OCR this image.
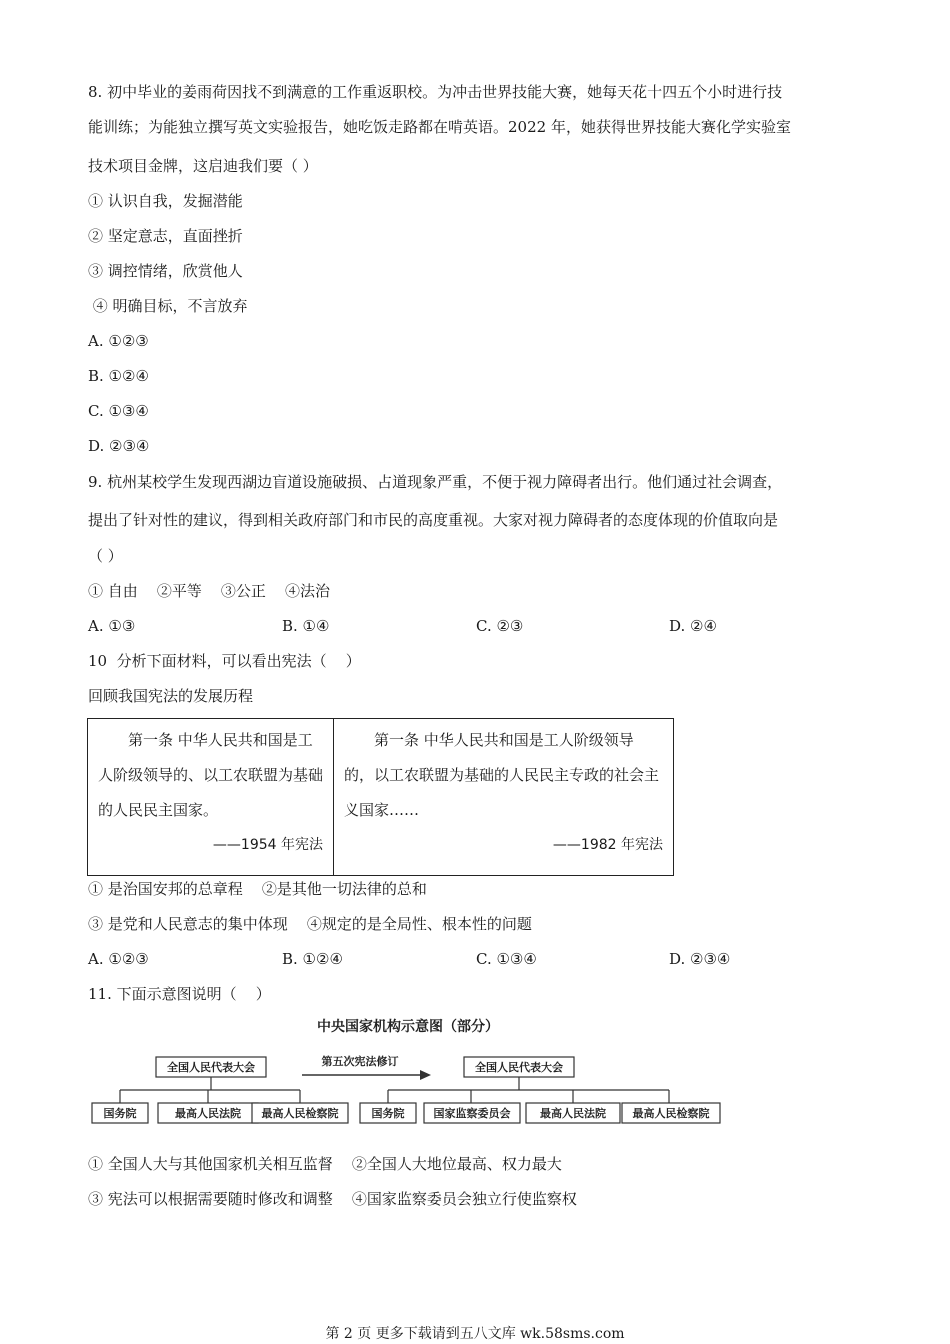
8. 初中毕业的姜雨荷因找不到满意的工作重返职校。为冲击世界技能大赛，她每天花十四五个小时进行技
能训练；为能独立撰写英文实验报告，她吃饭走路都在啃英语。2022 年，她获得世界技能大赛化学实验室
技术项目金牌，这启迪我们要（ ）
① 认识自我，发掘潜能
② 坚定意志，直面挫折
③ 调控情绪，欣赏他人
④ 明确目标，不言放弃
A. ①②③
B. ①②④
C. ①③④
D. ②③④
9. 杭州某校学生发现西湖边盲道设施破损、占道现象严重，不便于视力障碍者出行。他们通过社会调查，
提出了针对性的建议，得到相关政府部门和市民的高度重视。大家对视力障碍者的态度体现的价值取向是
（ ）
① 自由    ②平等    ③公正    ④法治
A. ①③	B. ①④	C. ②③	D. ②④
10  分析下面材料，可以看出宪法（    ）
回顾我国宪法的发展历程
第一条 中华人民共和国是工人阶级领导的、以工农联盟为基础的人民民主国家。
——1954 年宪法

第一条 中华人民共和国是工人阶级领导的，以工农联盟为基础的人民民主专政的社会主义国家……
——1982 年宪法
① 是治国安邦的总章程    ②是其他一切法律的总和
③ 是党和人民意志的集中体现    ④规定的是全局性、根本性的问题
A. ①②③	B. ①②④	C. ①③④	D. ②③④
11. 下面示意图说明（    ）
中央国家机构示意图（部分）
全国人民代表大会
国务院	最高人民法院 最高人民检察院
第五次宪法修订	全国人民代表大会
国务院	国家监察委员会	最高人民法院 最高人民检察院
① 全国人大与其他国家机关相互监督    ②全国人大地位最高、权力最大
③ 宪法可以根据需要随时修改和调整    ④国家监察委员会独立行使监察权
第 2 页 更多下载请到五八文库 wk.58sms.com
